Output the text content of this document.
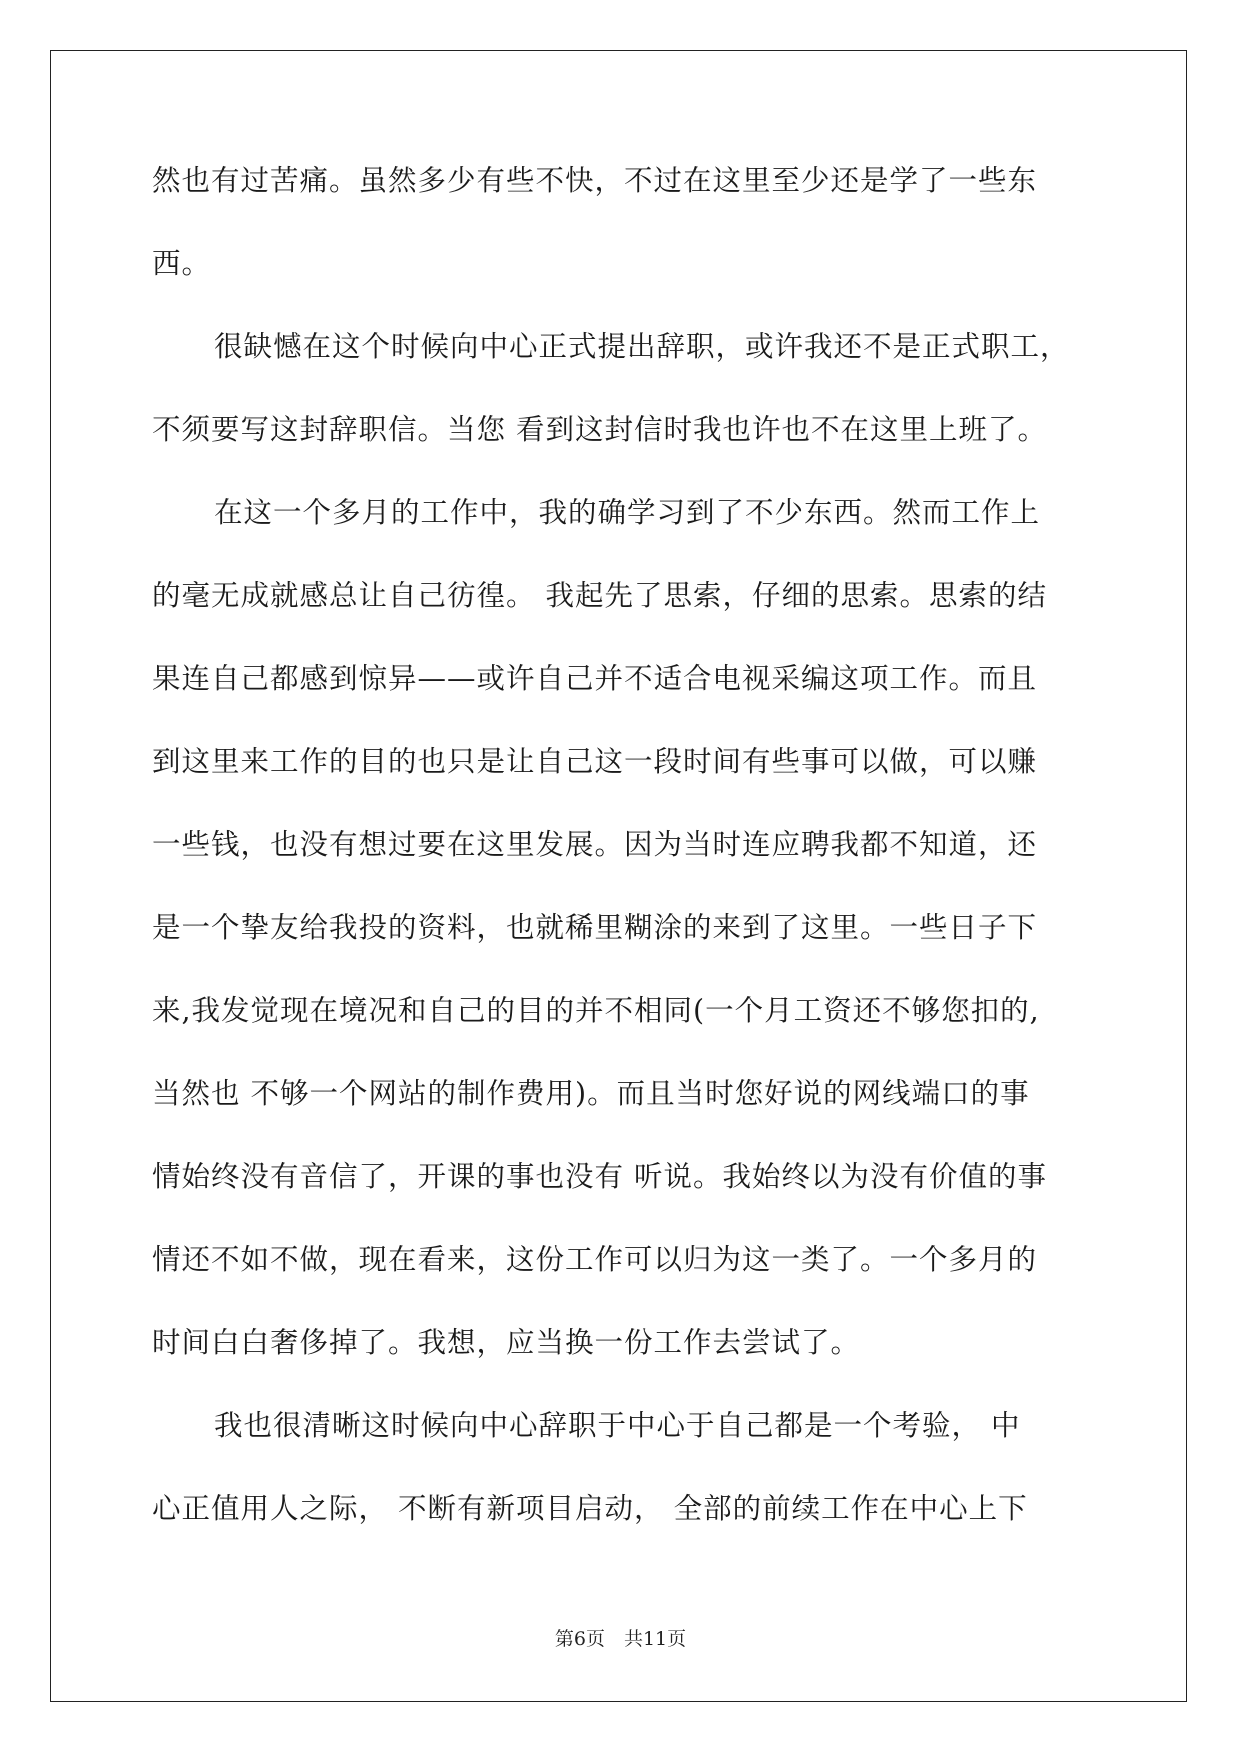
然也有过苦痛。虽然多少有些不快，不过在这里至少还是学了一些东
西。
很缺憾在这个时候向中心正式提出辞职，或许我还不是正式职工，
不须要写这封辞职信。当您 看到这封信时我也许也不在这里上班了。
在这一个多月的工作中，我的确学习到了不少东西。然而工作上
的毫无成就感总让自己彷徨。 我起先了思索，仔细的思索。思索的结
果连自己都感到惊异——或许自己并不适合电视采编这项工作。而且
到这里来工作的目的也只是让自己这一段时间有些事可以做，可以赚
一些钱，也没有想过要在这里发展。因为当时连应聘我都不知道，还
是一个挚友给我投的资料，也就稀里糊涂的来到了这里。一些日子下
来,我发觉现在境况和自己的目的并不相同(一个月工资还不够您扣的,
当然也 不够一个网站的制作费用)。而且当时您好说的网线端口的事
情始终没有音信了，开课的事也没有 听说。我始终以为没有价值的事
情还不如不做，现在看来，这份工作可以归为这一类了。一个多月的
时间白白奢侈掉了。我想，应当换一份工作去尝试了。
我也很清晰这时候向中心辞职于中心于自己都是一个考验， 中
心正值用人之际， 不断有新项目启动， 全部的前续工作在中心上下
第6页　共11页
